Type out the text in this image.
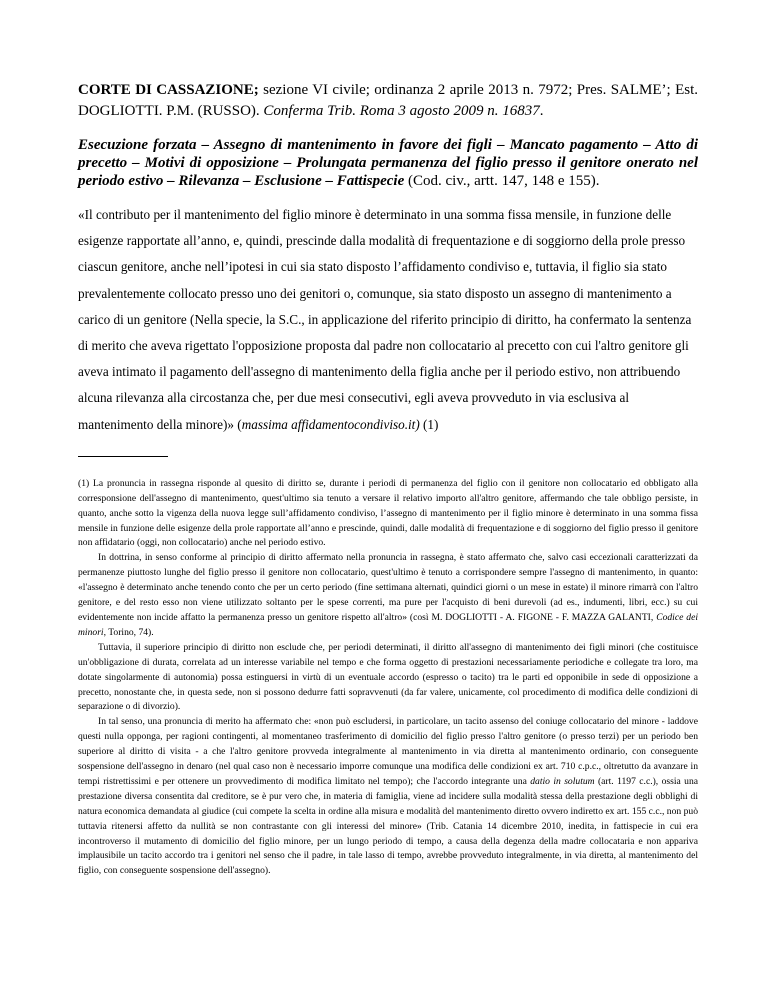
CORTE DI CASSAZIONE; sezione VI civile; ordinanza 2 aprile 2013 n. 7972; Pres. SALME’; Est. DOGLIOTTI. P.M. (RUSSO). Conferma Trib. Roma 3 agosto 2009 n. 16837.

Esecuzione forzata – Assegno di mantenimento in favore dei figli – Mancato pagamento – Atto di precetto – Motivi di opposizione – Prolungata permanenza del figlio presso il genitore onerato nel periodo estivo – Rilevanza – Esclusione – Fattispecie (Cod. civ., artt. 147, 148 e 155).

«Il contributo per il mantenimento del figlio minore è determinato in una somma fissa mensile, in funzione delle esigenze rapportate all’anno, e, quindi, prescinde dalla modalità di frequentazione e di soggiorno della prole presso ciascun genitore, anche nell’ipotesi in cui sia stato disposto l’affidamento condiviso e, tuttavia, il figlio sia stato prevalentemente collocato presso uno dei genitori o, comunque, sia stato disposto un assegno di mantenimento a carico di un genitore (Nella specie, la S.C., in applicazione del riferito principio di diritto, ha confermato la sentenza di merito che aveva rigettato l'opposizione proposta dal padre non collocatario al precetto con cui l'altro genitore gli aveva intimato il pagamento dell'assegno di mantenimento della figlia anche per il periodo estivo, non attribuendo alcuna rilevanza alla circostanza che, per due mesi consecutivi, egli aveva provveduto in via esclusiva al mantenimento della minore)» (massima affidamentocondiviso.it) (1)

(1) La pronuncia in rassegna risponde al quesito di diritto se, durante i periodi di permanenza del figlio con il genitore non collocatario ed obbligato alla corresponsione dell'assegno di mantenimento, quest'ultimo sia tenuto a versare il relativo importo all'altro genitore, affermando che tale obbligo persiste, in quanto, anche sotto la vigenza della nuova legge sull’affidamento condiviso, l’assegno di mantenimento per il figlio minore è determinato in una somma fissa mensile in funzione delle esigenze della prole rapportate all’anno e prescinde, quindi, dalle modalità di frequentazione e di soggiorno del figlio presso il genitore non affidatario (oggi, non collocatario) anche nel periodo estivo.

In dottrina, in senso conforme al principio di diritto affermato nella pronuncia in rassegna, è stato affermato che, salvo casi eccezionali caratterizzati da permanenze piuttosto lunghe del figlio presso il genitore non collocatario, quest'ultimo è tenuto a corrispondere sempre l'assegno di mantenimento, in quanto: «l'assegno è determinato anche tenendo conto che per un certo periodo (fine settimana alternati, quindici giorni o un mese in estate) il minore rimarrà con l'altro genitore, e del resto esso non viene utilizzato soltanto per le spese correnti, ma pure per l'acquisto di beni durevoli (ad es., indumenti, libri, ecc.) su cui evidentemente non incide affatto la permanenza presso un genitore rispetto all'altro» (così M. DOGLIOTTI - A. FIGONE - F. MAZZA GALANTI, Codice dei minori, Torino, 74).

Tuttavia, il superiore principio di diritto non esclude che, per periodi determinati, il diritto all'assegno di mantenimento dei figli minori (che costituisce un'obbligazione di durata, correlata ad un interesse variabile nel tempo e che forma oggetto di prestazioni necessariamente periodiche e collegate tra loro, ma dotate singolarmente di autonomia) possa estinguersi in virtù di un eventuale accordo (espresso o tacito) tra le parti ed opponibile in sede di opposizione a precetto, nonostante che, in questa sede, non si possono dedurre fatti sopravvenuti (da far valere, unicamente, col procedimento di modifica delle condizioni di separazione o di divorzio).

In tal senso, una pronuncia di merito ha affermato che: «non può escludersi, in particolare, un tacito assenso del coniuge collocatario del minore - laddove questi nulla opponga, per ragioni contingenti, al momentaneo trasferimento di domicilio del figlio presso l'altro genitore (o presso terzi) per un periodo ben superiore al diritto di visita - a che l'altro genitore provveda integralmente al mantenimento in via diretta al mantenimento ordinario, con conseguente sospensione dell'assegno in denaro (nel qual caso non è necessario imporre comunque una modifica delle condizioni ex art. 710 c.p.c., oltretutto da avanzare in tempi ristrettissimi e per ottenere un provvedimento di modifica limitato nel tempo); che l'accordo integrante una datio in solutum (art. 1197 c.c.), ossia una prestazione diversa consentita dal creditore, se è pur vero che, in materia di famiglia, viene ad incidere sulla modalità stessa della prestazione degli obblighi di natura economica demandata al giudice (cui compete la scelta in ordine alla misura e modalità del mantenimento diretto ovvero indiretto ex art. 155 c.c., non può tuttavia ritenersi affetto da nullità se non contrastante con gli interessi del minore» (Trib. Catania 14 dicembre 2010, inedita, in fattispecie in cui era incontroverso il mutamento di domicilio del figlio minore, per un lungo periodo di tempo, a causa della degenza della madre collocataria e non appariva implausibile un tacito accordo tra i genitori nel senso che il padre, in tale lasso di tempo, avrebbe provveduto integralmente, in via diretta, al mantenimento del figlio, con conseguente sospensione dell'assegno).
